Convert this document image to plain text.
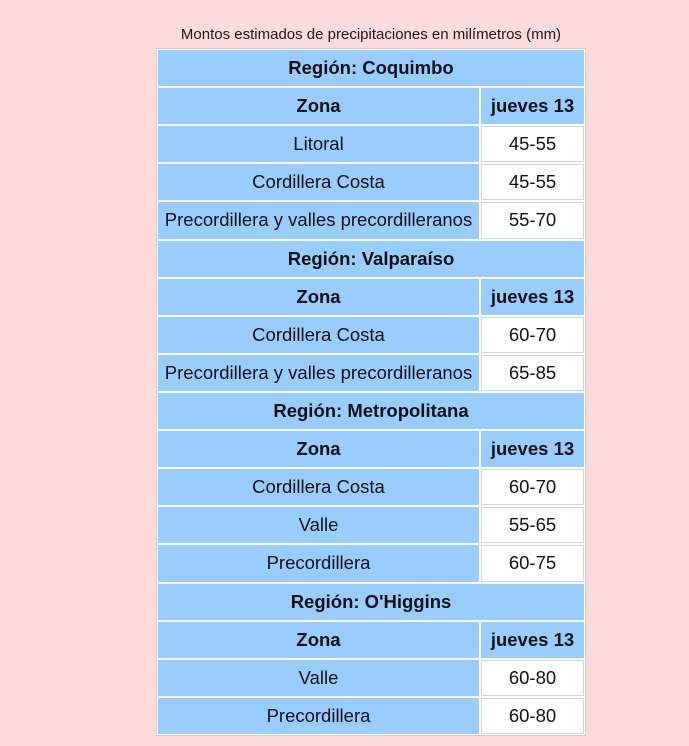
Montos estimados de precipitaciones en milímetros (mm)
Región: Coquimbo
Zona	jueves 13
Litoral	45-55
Cordillera Costa	45-55
Precordillera y valles precordilleranos	55-70
Región: Valparaíso
Zona	jueves 13
Cordillera Costa	60-70
Precordillera y valles precordilleranos	65-85
Región: Metropolitana
Zona	jueves 13
Cordillera Costa	60-70
Valle	55-65
Precordillera	60-75
Región: O'Higgins
Zona	jueves 13
Valle	60-80
Precordillera	60-80
